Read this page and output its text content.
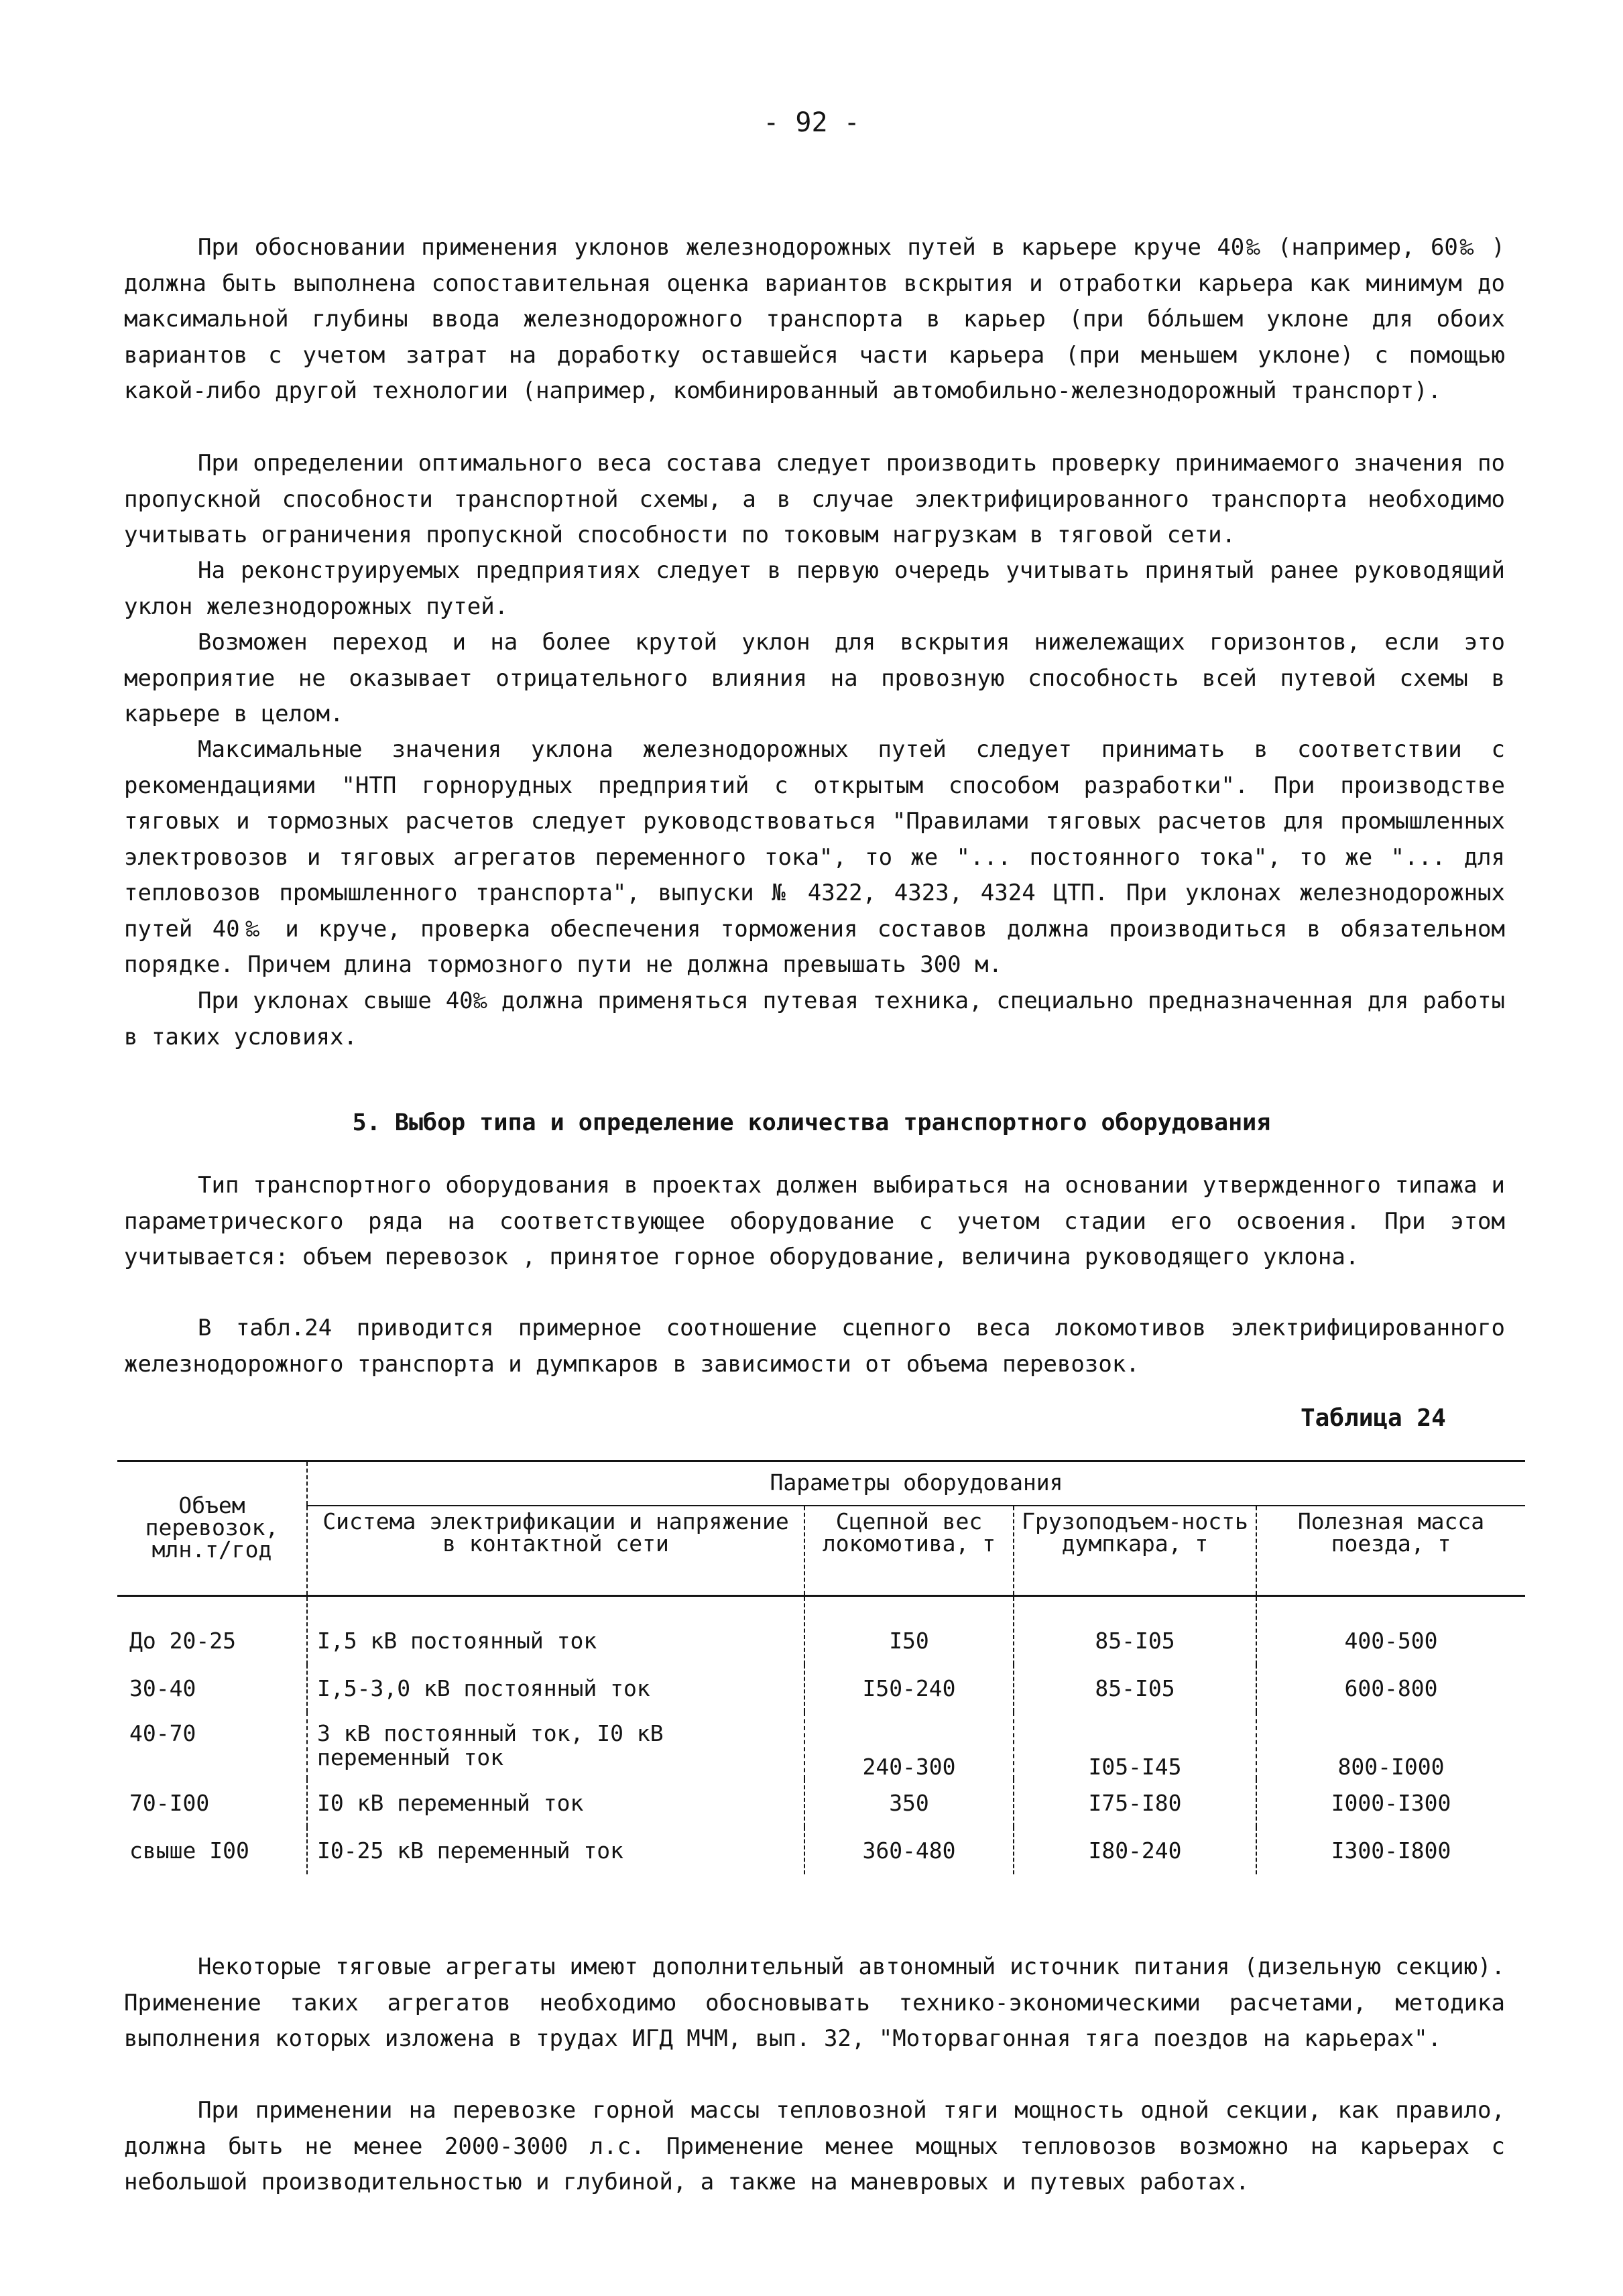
- 92 -

При обосновании применения уклонов железнодорожных путей в карьере круче 40‰ (например, 60‰ ) должна быть выполнена сопоставительная оценка вариантов вскрытия и отработки карьера как минимум до максимальной глубины ввода железнодорожного транспорта в карьер (при бо́льшем уклоне для обоих вариантов с учетом затрат на доработку оставшейся части карьера (при меньшем уклоне) с помощью какой-либо другой технологии (например, комбинированный автомобильно-железнодорожный транспорт).

При определении оптимального веса состава следует производить проверку принимаемого значения по пропускной способности транспортной схемы, а в случае электрифицированного транспорта необходимо учитывать ограничения пропускной способности по токовым нагрузкам в тяговой сети.

На реконструируемых предприятиях следует в первую очередь учитывать принятый ранее руководящий уклон железнодорожных путей.

Возможен переход и на более крутой уклон для вскрытия нижележащих горизонтов, если это мероприятие не оказывает отрицательного влияния на провозную способность всей путевой схемы в карьере в целом.

Максимальные значения уклона железнодорожных путей следует принимать в соответствии с рекомендациями "НТП горнорудных предприятий с открытым способом разработки". При производстве тяговых и тормозных расчетов следует руководствоваться "Правилами тяговых расчетов для промышленных электровозов и тяговых агрегатов переменного тока", то же "... постоянного тока", то же "... для тепловозов промышленного транспорта", выпуски № 4322, 4323, 4324 ЦТП. При уклонах железнодорожных путей 40‰ и круче, проверка обеспечения торможения составов должна производиться в обязательном порядке. Причем длина тормозного пути не должна превышать 300 м.

При уклонах свыше 40‰ должна применяться путевая техника, специально предназначенная для работы в таких условиях.

5. Выбор типа и определение количества транспортного оборудования

Тип транспортного оборудования в проектах должен выбираться на основании утвержденного типажа и параметрического ряда на соответствующее оборудование с учетом стадии его освоения. При этом учитывается: объем перевозок , принятое горное оборудование, величина руководящего уклона.

В табл.24 приводится примерное соотношение сцепного веса локомотивов электрифицированного железнодорожного транспорта и думпкаров в зависимости от объема перевозок.

Таблица 24
Объем перевозок, млн.т/год	Параметры оборудования			
	Система электрификации и напряжение в контактной сети	Сцепной вес локомотива, т	Грузоподъем-ность думпкара, т	Полезная масса поезда, т
До 20-25	I,5 кВ постоянный ток	I50	85-I05	400-500
30-40	I,5-3,0 кВ постоянный ток	I50-240	85-I05	600-800
40-70	3 кВ постоянный ток, I0 кВ переменный ток	240-300	I05-I45	800-I000
70-I00	I0 кВ переменный ток	350	I75-I80	I000-I300
свыше I00	I0-25 кВ переменный ток	360-480	I80-240	I300-I800

Некоторые тяговые агрегаты имеют дополнительный автономный источник питания (дизельную секцию). Применение таких агрегатов необходимо обосновывать технико-экономическими расчетами, методика выполнения которых изложена в трудах ИГД МЧМ, вып. 32, "Моторвагонная тяга поездов на карьерах".

При применении на перевозке горной массы тепловозной тяги мощность одной секции, как правило, должна быть не менее 2000-3000 л.с. Применение менее мощных тепловозов возможно на карьерах с небольшой производительностью и глубиной, а также на маневровых и путевых работах.
